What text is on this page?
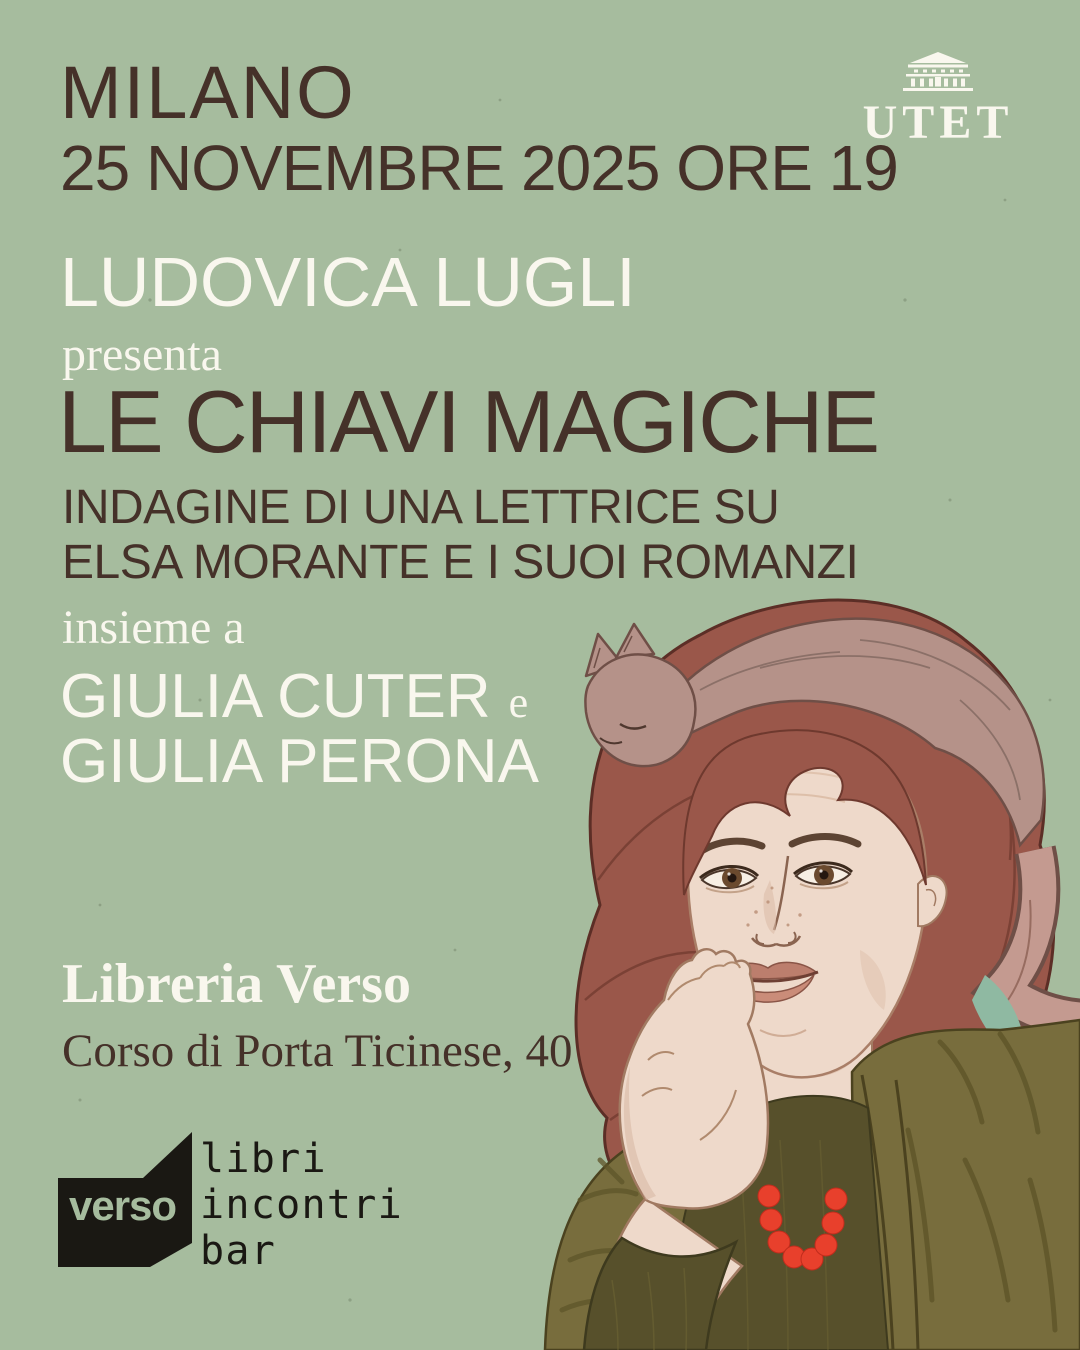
MILANO
25 NOVEMBRE 2025 ORE 19
LUDOVICA LUGLI
presenta
LE CHIAVI MAGICHE
INDAGINE DI UNA LETTRICE SU
ELSA MORANTE E I SUOI ROMANZI
insieme a
GIULIA CUTER e
GIULIA PERONA
Libreria Verso
Corso di Porta Ticinese, 40
UTET
verso
libri
incontri
bar
